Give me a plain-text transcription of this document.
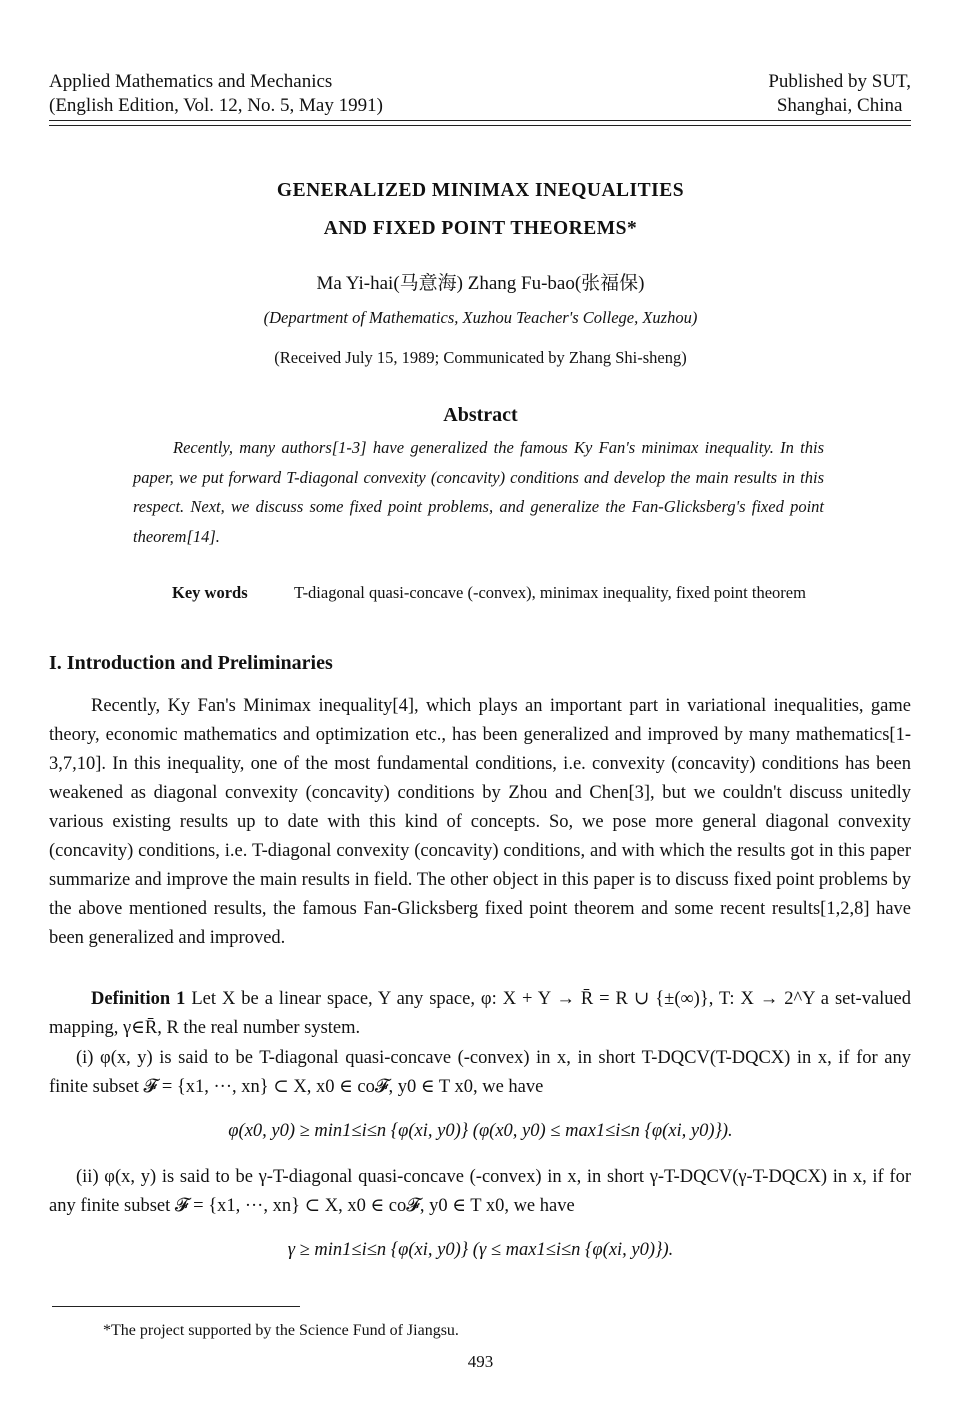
Applied Mathematics and Mechanics
(English Edition, Vol. 12, No. 5, May 1991)
Published by SUT,
Shanghai, China
GENERALIZED MINIMAX INEQUALITIES
AND FIXED POINT THEOREMS*
Ma Yi-hai(马意海) Zhang Fu-bao(张福保)
(Department of Mathematics, Xuzhou Teacher's College, Xuzhou)
(Received July 15, 1989; Communicated by Zhang Shi-sheng)
Abstract
Recently, many authors[1-3] have generalized the famous Ky Fan's minimax inequality. In this paper, we put forward T-diagonal convexity (concavity) conditions and develop the main results in this respect. Next, we discuss some fixed point problems, and generalize the Fan-Glicksberg's fixed point theorem[14].
Key words	T-diagonal quasi-concave (-convex), minimax inequality, fixed point theorem
I. Introduction and Preliminaries
Recently, Ky Fan's Minimax inequality[4], which plays an important part in variational inequalities, game theory, economic mathematics and optimization etc., has been generalized and improved by many mathematics[1-3,7,10]. In this inequality, one of the most fundamental conditions, i.e. convexity (concavity) conditions has been weakened as diagonal convexity (concavity) conditions by Zhou and Chen[3], but we couldn't discuss unitedly various existing results up to date with this kind of concepts. So, we pose more general diagonal convexity (concavity) conditions, i.e. T-diagonal convexity (concavity) conditions, and with which the results got in this paper summarize and improve the main results in field. The other object in this paper is to discuss fixed point problems by the above mentioned results, the famous Fan-Glicksberg fixed point theorem and some recent results[1,2,8] have been generalized and improved.
Definition 1 Let X be a linear space, Y any space, φ: X + Y → R̄ = R ∪ {±(∞)}, T: X → 2^Y a set-valued mapping, γ∈R̄, R the real number system.
(i) φ(x, y) is said to be T-diagonal quasi-concave (-convex) in x, in short T-DQCV(T-DQCX) in x, if for any finite subset 𝓕 = {x1, ···, xn} ⊂ X, x0 ∈ co𝓕, y0 ∈ T x0, we have
φ(x0, y0) ≥ min1≤i≤n {φ(xi, y0)} (φ(x0, y0) ≤ max1≤i≤n {φ(xi, y0)}).
(ii) φ(x, y) is said to be γ-T-diagonal quasi-concave (-convex) in x, in short γ-T-DQCV(γ-T-DQCX) in x, if for any finite subset 𝓕 = {x1, ···, xn} ⊂ X, x0 ∈ co𝓕, y0 ∈ T x0, we have
γ ≥ min1≤i≤n {φ(xi, y0)} (γ ≤ max1≤i≤n {φ(xi, y0)}).
*The project supported by the Science Fund of Jiangsu.
493
